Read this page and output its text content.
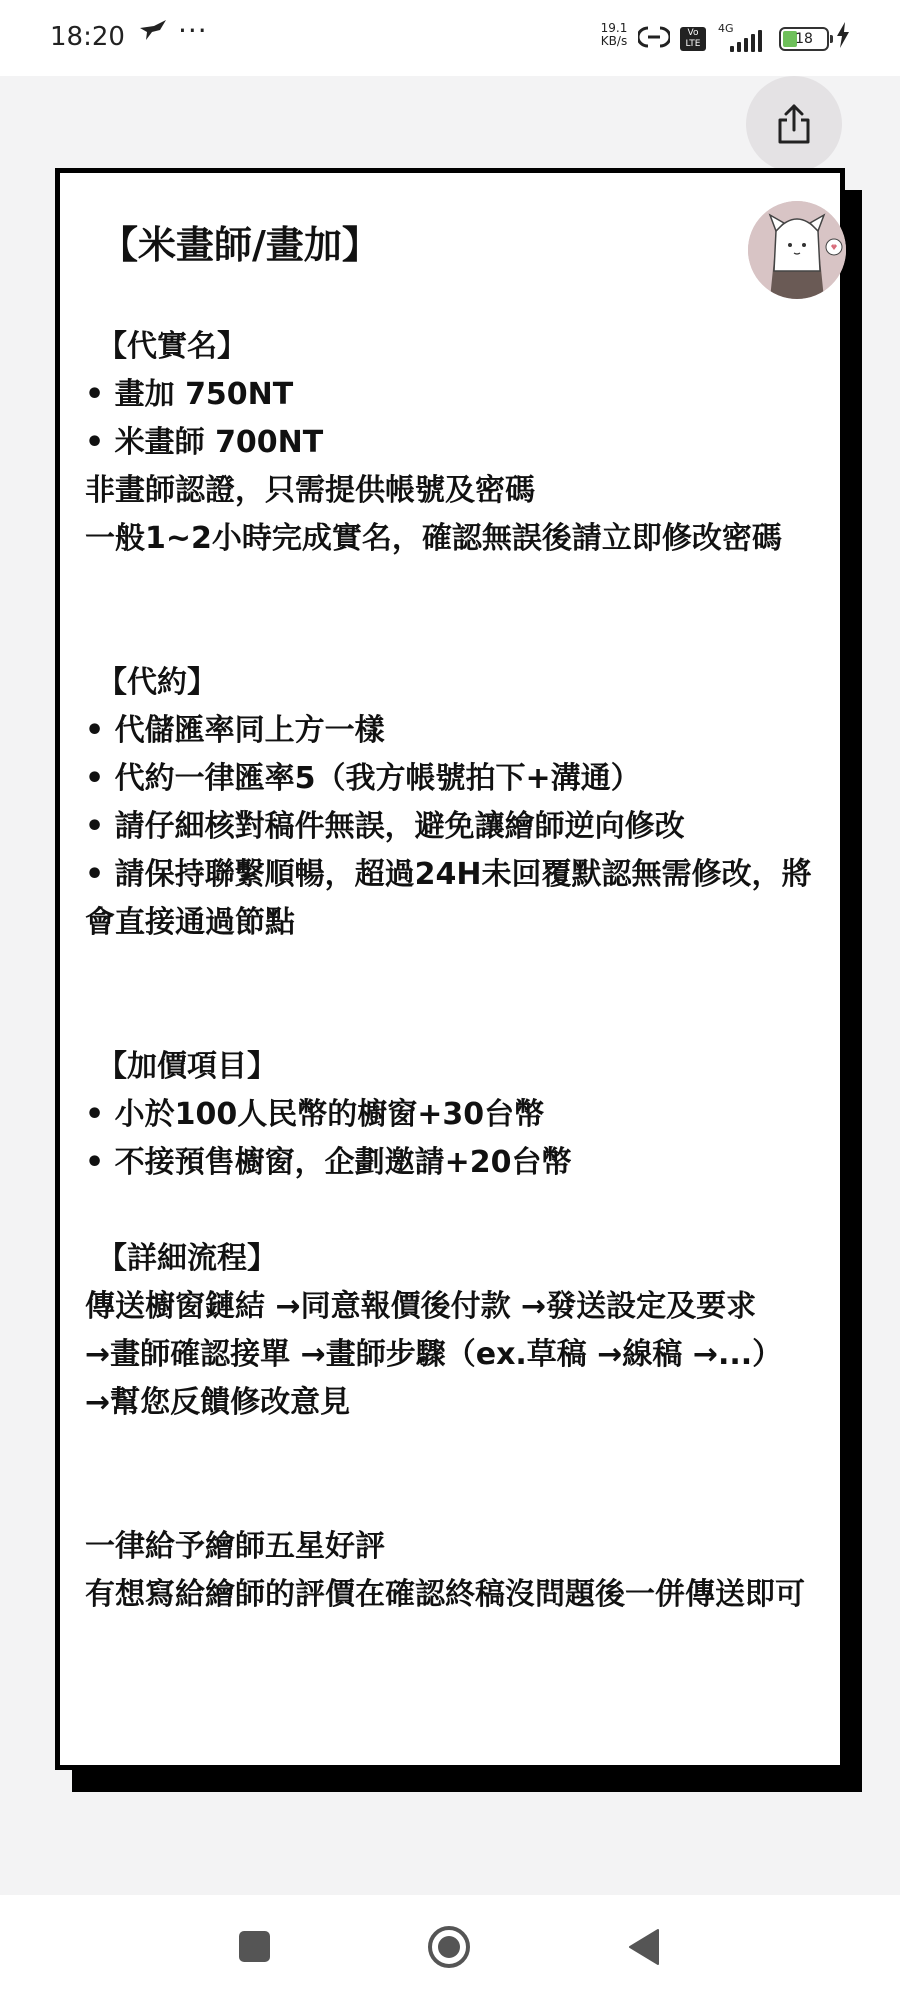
18:20 ···	19.1
KB/s
Vo LTE
4G
18
【米畫師/畫加】
【代實名】
• 畫加 750NT
• 米畫師 700NT
非畫師認證，只需提供帳號及密碼
一般1~2小時完成實名，確認無誤後請立即修改密碼
【代約】
• 代儲匯率同上方一樣
• 代約一律匯率5（我方帳號拍下+溝通）
• 請仔細核對稿件無誤，避免讓繪師逆向修改
• 請保持聯繫順暢，超過24H未回覆默認無需修改，將會直接通過節點
【加價項目】
• 小於100人民幣的櫥窗+30台幣
• 不接預售櫥窗，企劃邀請+20台幣
【詳細流程】
傳送櫥窗鏈結 →同意報價後付款 →發送設定及要求
→畫師確認接單 →畫師步驟（ex.草稿 →線稿 →...）
→幫您反饋修改意見
一律給予繪師五星好評
有想寫給繪師的評價在確認終稿沒問題後一併傳送即可
